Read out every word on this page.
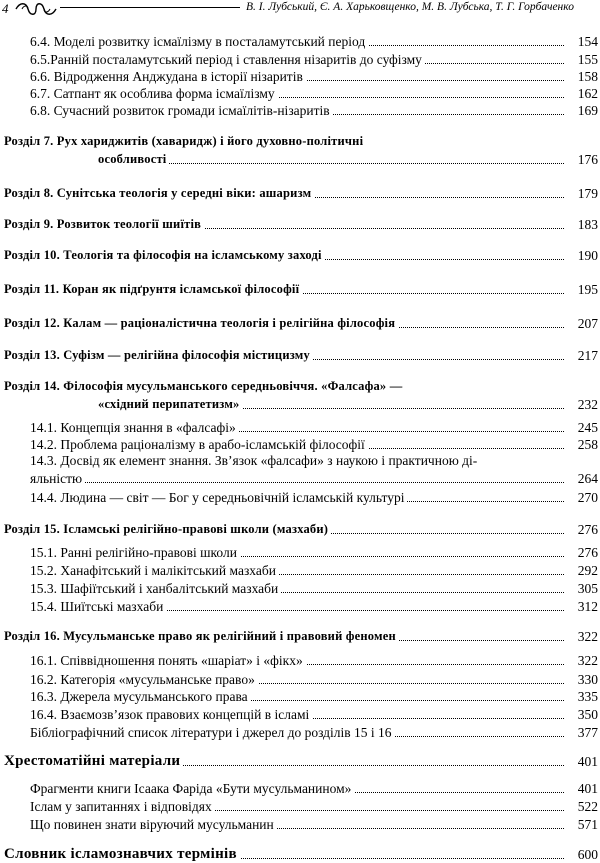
4	В. І. Лубський, Є. А. Харьковщенко, М. В. Лубська, Т. Г. Горбаченко
6.4. Моделі розвитку ісмаїлізму в посталамутський період	154
6.5.Ранній посталамутський період і ставлення нізаритів до суфізму	155
6.6. Відродження Анджудана в історії нізаритів	158
6.7. Сатпант як особлива форма ісмаїлізму	162
6.8. Сучасний розвиток громади ісмаїлітів-нізаритів	169
Розділ 7. Рух хариджитів (хаваридж) і його духовно-політичні
особливості	176
Розділ 8. Сунітська теологія у середні віки: ашаризм	179
Розділ 9. Розвиток теології шиїтів	183
Розділ 10. Теологія та філософія на ісламському заході	190
Розділ 11. Коран як підґрунтя ісламської філософії	195
Розділ 12. Калам — раціоналістична теологія і релігійна філософія	207
Розділ 13. Суфізм — релігійна філософія містицизму	217
Розділ 14. Філософія мусульманського середньовіччя. «Фалсафа» —
«східний перипатетизм»	232
14.1. Концепція знання в «фалсафі»	245
14.2. Проблема раціоналізму в арабо-ісламській філософії	258
14.3. Досвід як елемент знання. Зв’язок «фалсафи» з наукою і практичною ді-
яльністю	264
14.4. Людина — світ — Бог у середньовічній ісламській культурі	270
Розділ 15. Ісламські релігійно-правові школи (мазхаби)	276
15.1. Ранні релігійно-правові школи	276
15.2. Ханафітський і малікітський мазхаби	292
15.3. Шафіїтський і ханбалітський мазхаби	305
15.4. Шиїтські мазхаби	312
Розділ 16. Мусульманське право як релігійний і правовий феномен	322
16.1. Співвідношення понять «шаріат» і «фікх»	322
16.2. Категорія «мусульманське право»	330
16.3. Джерела мусульманського права	335
16.4. Взаємозв’язок правових концепцій в ісламі	350
Бібліографічний список літератури і джерел до розділів 15 і 16	377
Хрестоматійні матеріали	401
Фрагменти книги Ісаака Фаріда «Бути мусульманином»	401
Іслам у запитаннях і відповідях	522
Що повинен знати віруючий мусульманин	571
Словник ісламознавчих термінів	600
